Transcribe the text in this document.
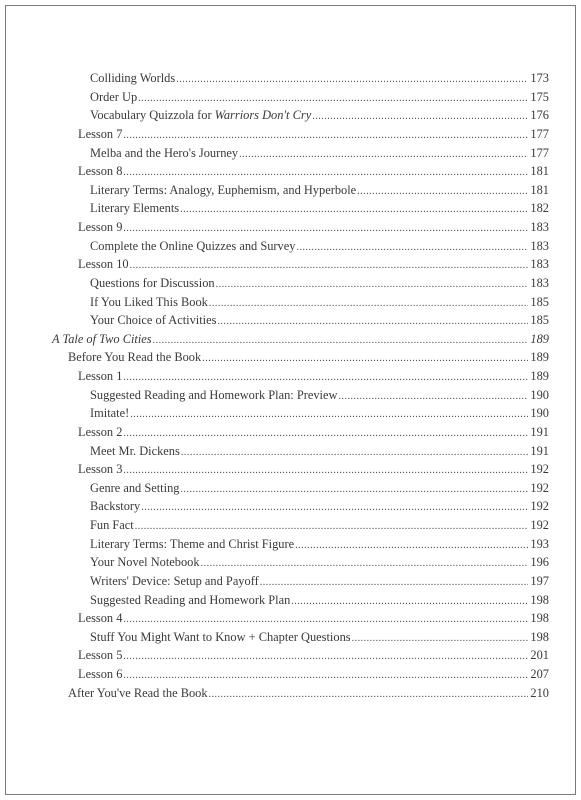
Colliding Worlds .....	173
Order Up .....	175
Vocabulary Quizzola for Warriors Don't Cry .....	176
Lesson 7 .....	177
Melba and the Hero's Journey .....	177
Lesson 8 .....	181
Literary Terms: Analogy, Euphemism, and Hyperbole .....	181
Literary Elements .....	182
Lesson 9 .....	183
Complete the Online Quizzes and Survey .....	183
Lesson 10 .....	183
Questions for Discussion .....	183
If You Liked This Book .....	185
Your Choice of Activities .....	185
A Tale of Two Cities .....	189
Before You Read the Book .....	189
Lesson 1 .....	189
Suggested Reading and Homework Plan: Preview .....	190
Imitate! .....	190
Lesson 2 .....	191
Meet Mr. Dickens .....	191
Lesson 3 .....	192
Genre and Setting .....	192
Backstory .....	192
Fun Fact .....	192
Literary Terms: Theme and Christ Figure .....	193
Your Novel Notebook .....	196
Writers' Device: Setup and Payoff .....	197
Suggested Reading and Homework Plan .....	198
Lesson 4 .....	198
Stuff You Might Want to Know + Chapter Questions .....	198
Lesson 5 .....	201
Lesson 6 .....	207
After You've Read the Book .....	210
